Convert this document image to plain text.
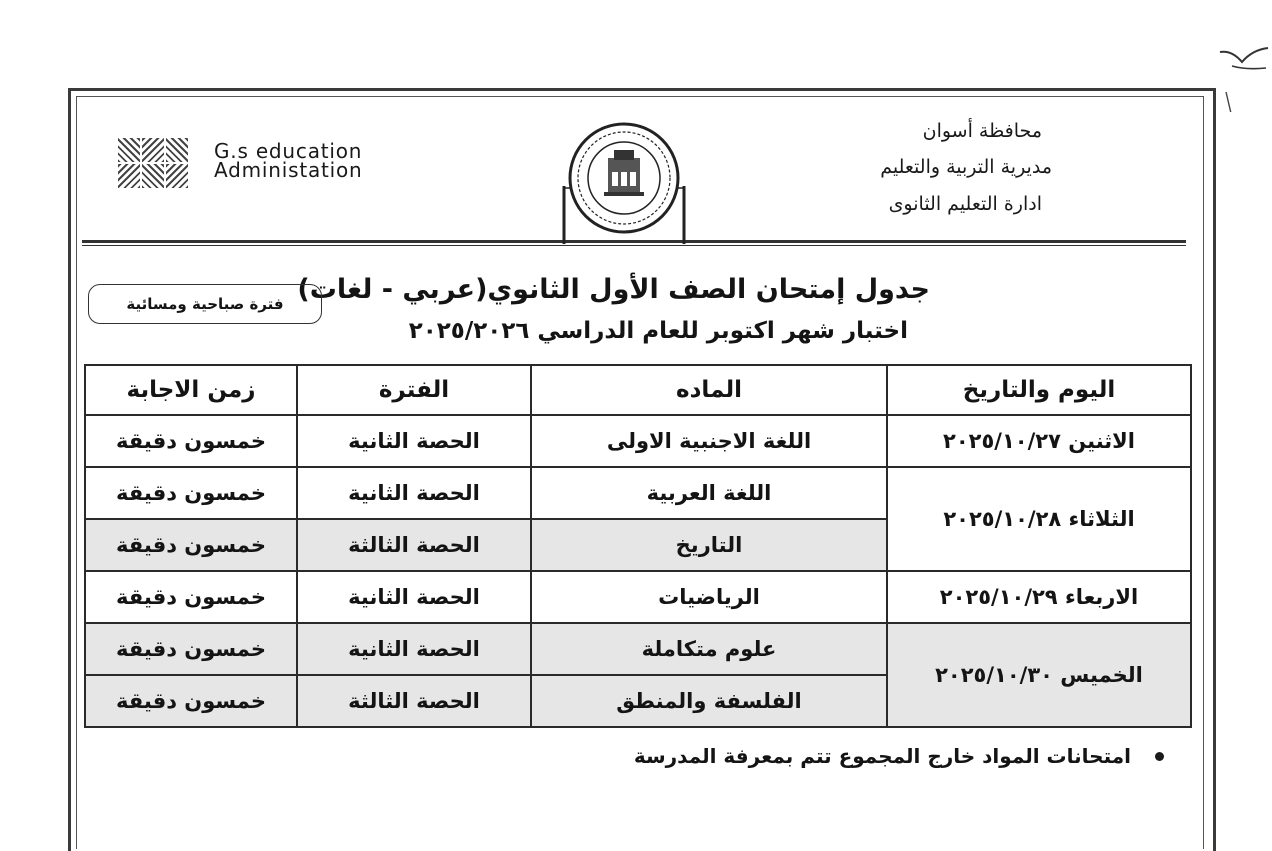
G.s education
Administation
محافظة أسوان
مديرية التربية والتعليم
ادارة التعليم الثانوى
جدول إمتحان الصف الأول الثانوي(عربي - لغات)
اختبار شهر اكتوبر للعام الدراسي ٢٠٢٥/٢٠٢٦
فترة صباحية ومسائية
اليوم والتاريخ	الماده	الفترة	زمن الاجابة
الاثنين ٢٠٢٥/١٠/٢٧	اللغة الاجنبية الاولى	الحصة الثانية	خمسون دقيقة
الثلاثاء ٢٠٢٥/١٠/٢٨	اللغة العربية	الحصة الثانية	خمسون دقيقة
	التاريخ	الحصة الثالثة	خمسون دقيقة
الاربعاء ٢٠٢٥/١٠/٢٩	الرياضيات	الحصة الثانية	خمسون دقيقة
الخميس ٢٠٢٥/١٠/٣٠	علوم متكاملة	الحصة الثانية	خمسون دقيقة
	الفلسفة والمنطق	الحصة الثالثة	خمسون دقيقة
امتحانات المواد خارج المجموع تتم بمعرفة المدرسة
